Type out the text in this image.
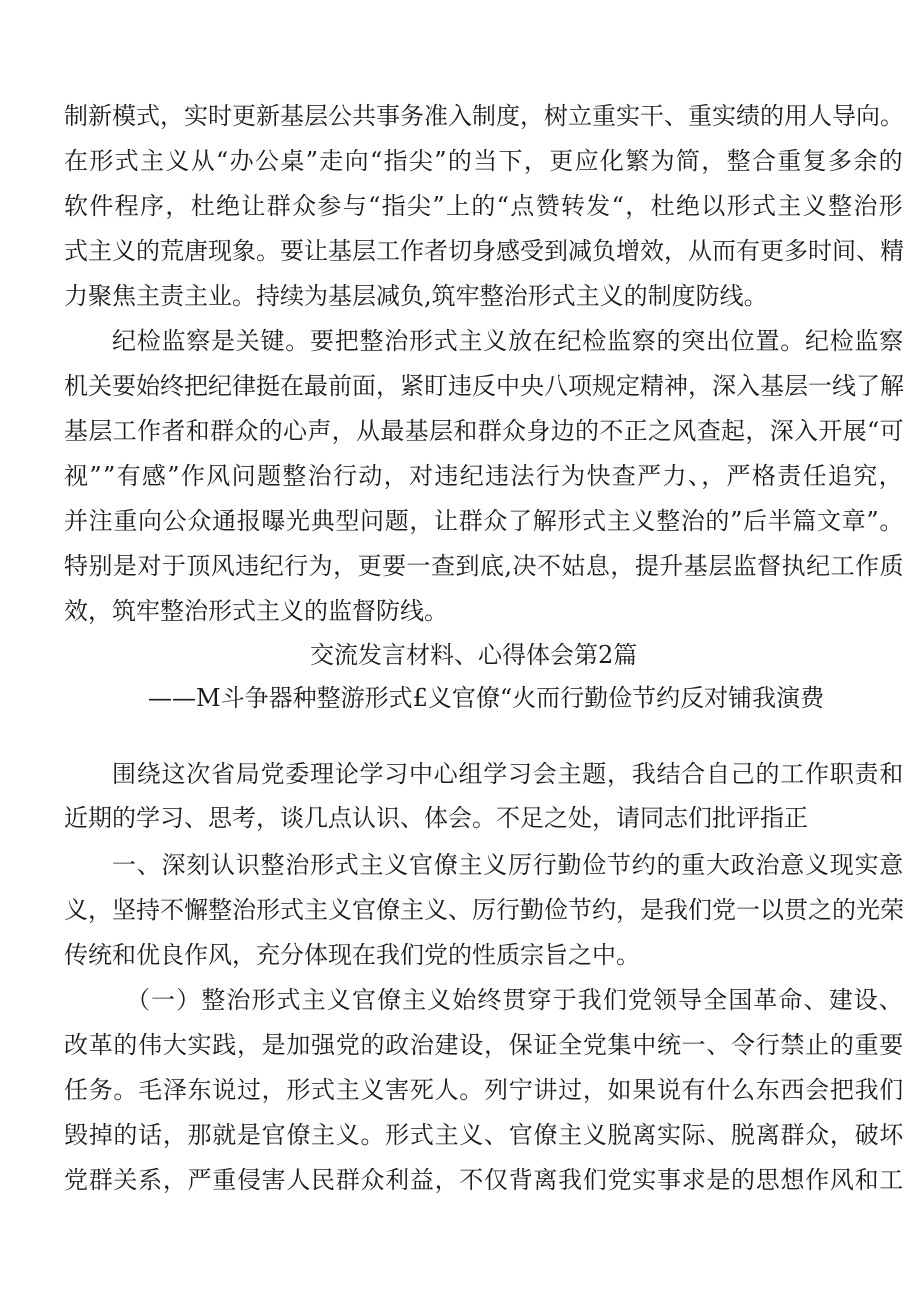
制新模式，实时更新基层公共事务准入制度，树立重实干、重实绩的用人导向。
在形式主义从“办公桌”走向“指尖”的当下，更应化繁为简，整合重复多余的
软件程序，杜绝让群众参与“指尖”上的“点赞转发“，杜绝以形式主义整治形
式主义的荒唐现象。要让基层工作者切身感受到减负增效，从而有更多时间、精
力聚焦主责主业。持续为基层减负,筑牢整治形式主义的制度防线。
纪检监察是关键。要把整治形式主义放在纪检监察的突出位置。纪检监察
机关要始终把纪律挺在最前面，紧盯违反中央八项规定精神，深入基层一线了解
基层工作者和群众的心声，从最基层和群众身边的不正之风查起，深入开展“可
视””有感”作风问题整治行动，对违纪违法行为快查严力、，严格责任追究，
并注重向公众通报曝光典型问题，让群众了解形式主义整治的”后半篇文章”。
特别是对于顶风违纪行为，更要一查到底,决不姑息，提升基层监督执纪工作质
效，筑牢整治形式主义的监督防线。
交流发言材料、心得体会第2篇
——M斗争器种整游形式£义官僚“火而行勤俭节约反对铺我演费
围绕这次省局党委理论学习中心组学习会主题，我结合自己的工作职责和
近期的学习、思考，谈几点认识、体会。不足之处，请同志们批评指正
一、深刻认识整治形式主义官僚主义厉行勤俭节约的重大政治意义现实意
义，坚持不懈整治形式主义官僚主义、厉行勤俭节约，是我们党一以贯之的光荣
传统和优良作风，充分体现在我们党的性质宗旨之中。
（一）整治形式主义官僚主义始终贯穿于我们党领导全国革命、建设、
改革的伟大实践，是加强党的政治建设，保证全党集中统一、令行禁止的重要
任务。毛泽东说过，形式主义害死人。列宁讲过，如果说有什么东西会把我们
毁掉的话，那就是官僚主义。形式主义、官僚主义脱离实际、脱离群众，破坏
党群关系，严重侵害人民群众利益，不仅背离我们党实事求是的思想作风和工
